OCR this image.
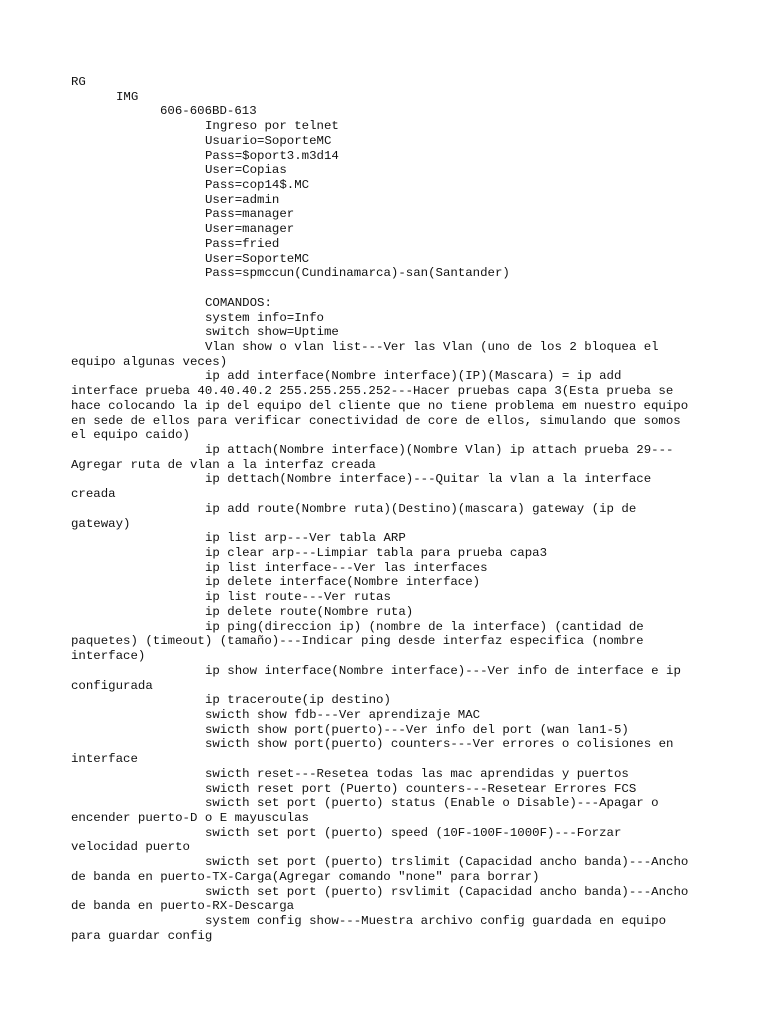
RG
IMG
606-606BD-613
Ingreso por telnet
Usuario=SoporteMC
Pass=$oport3.m3d14
User=Copias
Pass=cop14$.MC
User=admin
Pass=manager
User=manager
Pass=fried
User=SoporteMC
Pass=spmccun(Cundinamarca)-san(Santander)
COMANDOS:
system info=Info
switch show=Uptime
Vlan show o vlan list---Ver las Vlan (uno de los 2 bloquea el
equipo algunas veces)
ip add interface(Nombre interface)(IP)(Mascara) = ip add
interface prueba 40.40.40.2 255.255.255.252---Hacer pruebas capa 3(Esta prueba se
hace colocando la ip del equipo del cliente que no tiene problema em nuestro equipo
en sede de ellos para verificar conectividad de core de ellos, simulando que somos
el equipo caido)
ip attach(Nombre interface)(Nombre Vlan) ip attach prueba 29---
Agregar ruta de vlan a la interfaz creada
ip dettach(Nombre interface)---Quitar la vlan a la interface
creada
ip add route(Nombre ruta)(Destino)(mascara) gateway (ip de
gateway)
ip list arp---Ver tabla ARP
ip clear arp---Limpiar tabla para prueba capa3
ip list interface---Ver las interfaces
ip delete interface(Nombre interface)
ip list route---Ver rutas
ip delete route(Nombre ruta)
ip ping(direccion ip) (nombre de la interface) (cantidad de
paquetes) (timeout) (tamaño)---Indicar ping desde interfaz especifica (nombre
interface)
ip show interface(Nombre interface)---Ver info de interface e ip
configurada
ip traceroute(ip destino)
swicth show fdb---Ver aprendizaje MAC
swicth show port(puerto)---Ver info del port (wan lan1-5)
swicth show port(puerto) counters---Ver errores o colisiones en
interface
swicth reset---Resetea todas las mac aprendidas y puertos
swicth reset port (Puerto) counters---Resetear Errores FCS
swicth set port (puerto) status (Enable o Disable)---Apagar o
encender puerto-D o E mayusculas
swicth set port (puerto) speed (10F-100F-1000F)---Forzar
velocidad puerto
swicth set port (puerto) trslimit (Capacidad ancho banda)---Ancho
de banda en puerto-TX-Carga(Agregar comando "none" para borrar)
swicth set port (puerto) rsvlimit (Capacidad ancho banda)---Ancho
de banda en puerto-RX-Descarga
system config show---Muestra archivo config guardada en equipo
para guardar config
